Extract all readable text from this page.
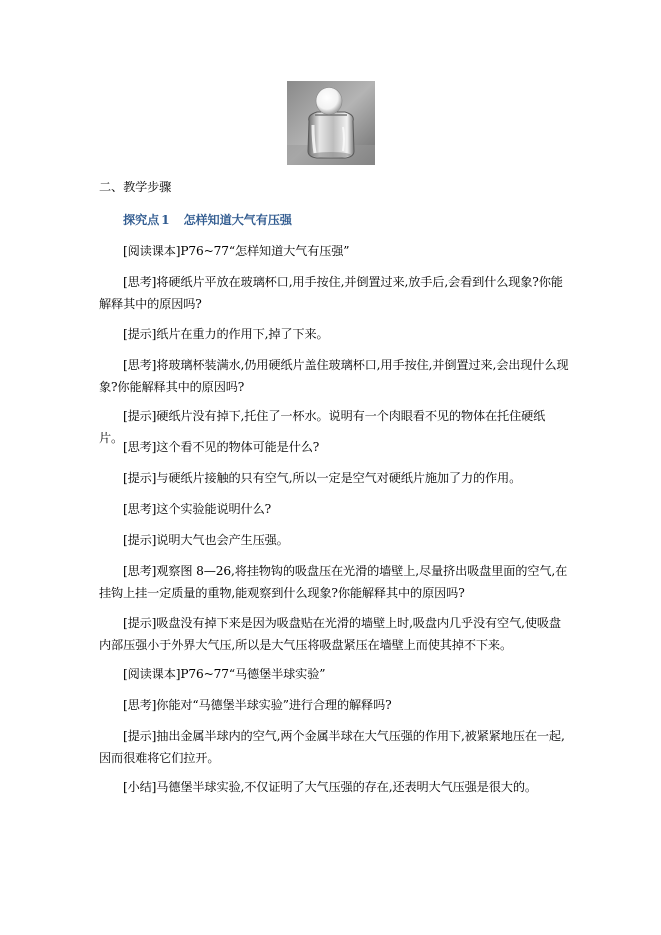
二、教学步骤

探究点 1 怎样知道大气有压强

[阅读课本]P76~77“怎样知道大气有压强”

[思考]将硬纸片平放在玻璃杯口,用手按住,并倒置过来,放手后,会看到什么现象?你能解释其中的原因吗?

[提示]纸片在重力的作用下,掉了下来。

[思考]将玻璃杯装满水,仍用硬纸片盖住玻璃杯口,用手按住,并倒置过来,会出现什么现象?你能解释其中的原因吗?

[提示]硬纸片没有掉下,托住了一杯水。说明有一个肉眼看不见的物体在托住硬纸片。

[思考]这个看不见的物体可能是什么?

[提示]与硬纸片接触的只有空气,所以一定是空气对硬纸片施加了力的作用。

[思考]这个实验能说明什么?

[提示]说明大气也会产生压强。

[思考]观察图 8—26,将挂物钩的吸盘压在光滑的墙壁上,尽量挤出吸盘里面的空气,在挂钩上挂一定质量的重物,能观察到什么现象?你能解释其中的原因吗?

[提示]吸盘没有掉下来是因为吸盘贴在光滑的墙壁上时,吸盘内几乎没有空气,使吸盘内部压强小于外界大气压,所以是大气压将吸盘紧压在墙壁上而使其掉不下来。

[阅读课本]P76~77“马德堡半球实验”

[思考]你能对“马德堡半球实验”进行合理的解释吗?

[提示]抽出金属半球内的空气,两个金属半球在大气压强的作用下,被紧紧地压在一起,因而很难将它们拉开。

[小结]马德堡半球实验,不仅证明了大气压强的存在,还表明大气压强是很大的。
